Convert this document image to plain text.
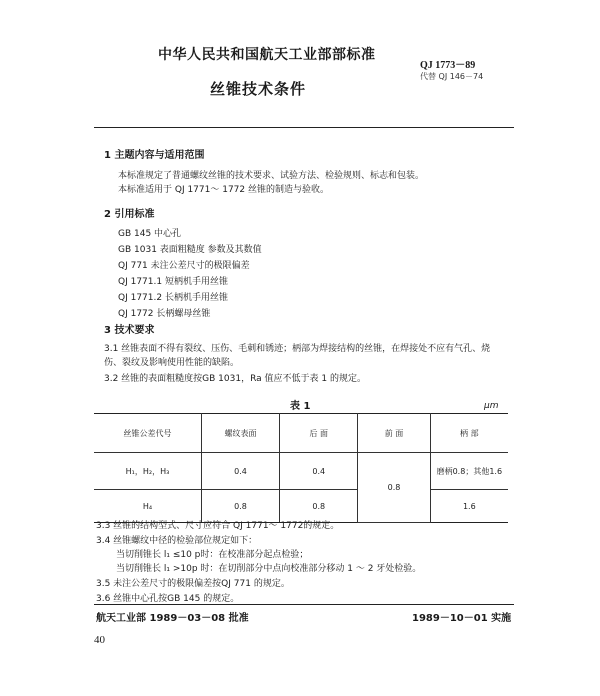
中华人民共和国航天工业部部标准
QJ 1773－89
代替 QJ 146－74
丝锥技术条件
1 主题内容与适用范围
本标准规定了普通螺纹丝锥的技术要求、试验方法、检验规则、标志和包装。
本标准适用于 QJ 1771～ 1772 丝锥的制造与验收。
2 引用标准
GB 145 中心孔
GB 1031 表面粗糙度 参数及其数值
QJ 771 未注公差尺寸的极限偏差
QJ 1771.1 短柄机手用丝锥
QJ 1771.2 长柄机手用丝锥
QJ 1772 长柄螺母丝锥
3 技术要求
3.1 丝锥表面不得有裂纹、压伤、毛刺和锈迹；柄部为焊接结构的丝锥，在焊接处不应有气孔、烧
伤、裂纹及影响使用性能的缺陷。
3.2 丝锥的表面粗糙度按GB 1031，Ra 值应不低于表 1 的规定。
表 1	μm
丝锥公差代号	螺纹表面	后 面	前 面	柄 部
H₁，H₂，H₃	0.4	0.4	0.8	磨柄0.8；其他1.6
H₄	0.8	0.8		1.6
3.3 丝锥的结构型式、尺寸应符合 QJ 1771～ 1772的规定。
3.4 丝锥螺纹中径的检验部位规定如下：
当切削锥长 l₁ ≤10 p时：在校准部分起点检验；
当切削锥长 l₁ >10p 时：在切削部分中点向校准部分移动 1 ～ 2 牙处检验。
3.5 未注公差尺寸的极限偏差按QJ 771 的规定。
3.6 丝锥中心孔按GB 145 的规定。
航天工业部 1989－03－08 批准	1989－10－01 实施
40
